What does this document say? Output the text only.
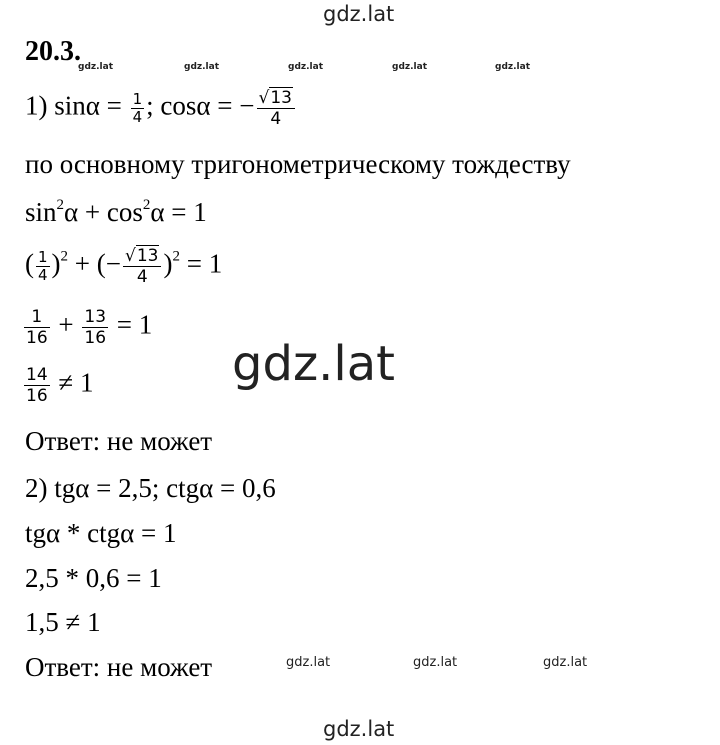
gdz.lat
gdz.lat	gdz.lat	gdz.lat	gdz.lat	gdz.lat
gdz.lat
gdz.lat	gdz.lat	gdz.lat
gdz.lat
20.3.
1) $\sin\alpha = \frac{1}{4}$ ; cosα = − $\frac{√13}{4}$
по основному тригонометрическому тождеству
$\sin^2\alpha + \cos^2\alpha = 1$
( $\frac{1}{4} )^2$ + (− $\frac{√13}{4} )^2 = 1$
$\frac{1}{16} + \frac{13}{16} = 1$
$\frac{14}{16} \ne 1$
Ответ: не может
2) tgα = 2,5; ctgα = 0,6
tgα * ctgα = 1
2,5 * 0,6 = 1
1,5 ≠ 1
Ответ: не может
